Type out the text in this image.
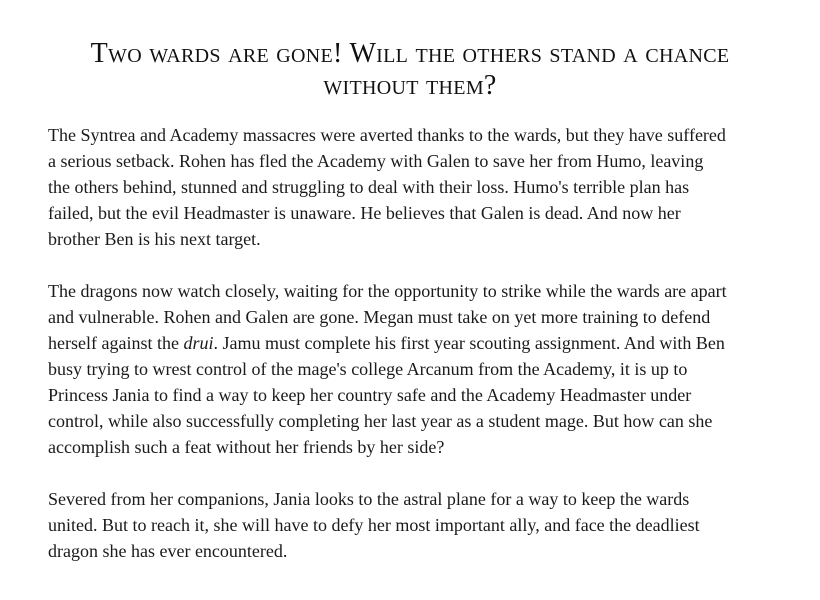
Two wards are gone! Will the others stand a chance
without them?

The Syntrea and Academy massacres were averted thanks to the wards, but they have suffered
a serious setback. Rohen has fled the Academy with Galen to save her from Humo, leaving
the others behind, stunned and struggling to deal with their loss. Humo's terrible plan has
failed, but the evil Headmaster is unaware. He believes that Galen is dead. And now her
brother Ben is his next target.

The dragons now watch closely, waiting for the opportunity to strike while the wards are apart
and vulnerable. Rohen and Galen are gone. Megan must take on yet more training to defend
herself against the drui. Jamu must complete his first year scouting assignment. And with Ben
busy trying to wrest control of the mage's college Arcanum from the Academy, it is up to
Princess Jania to find a way to keep her country safe and the Academy Headmaster under
control, while also successfully completing her last year as a student mage. But how can she
accomplish such a feat without her friends by her side?

Severed from her companions, Jania looks to the astral plane for a way to keep the wards
united. But to reach it, she will have to defy her most important ally, and face the deadliest
dragon she has ever encountered.
